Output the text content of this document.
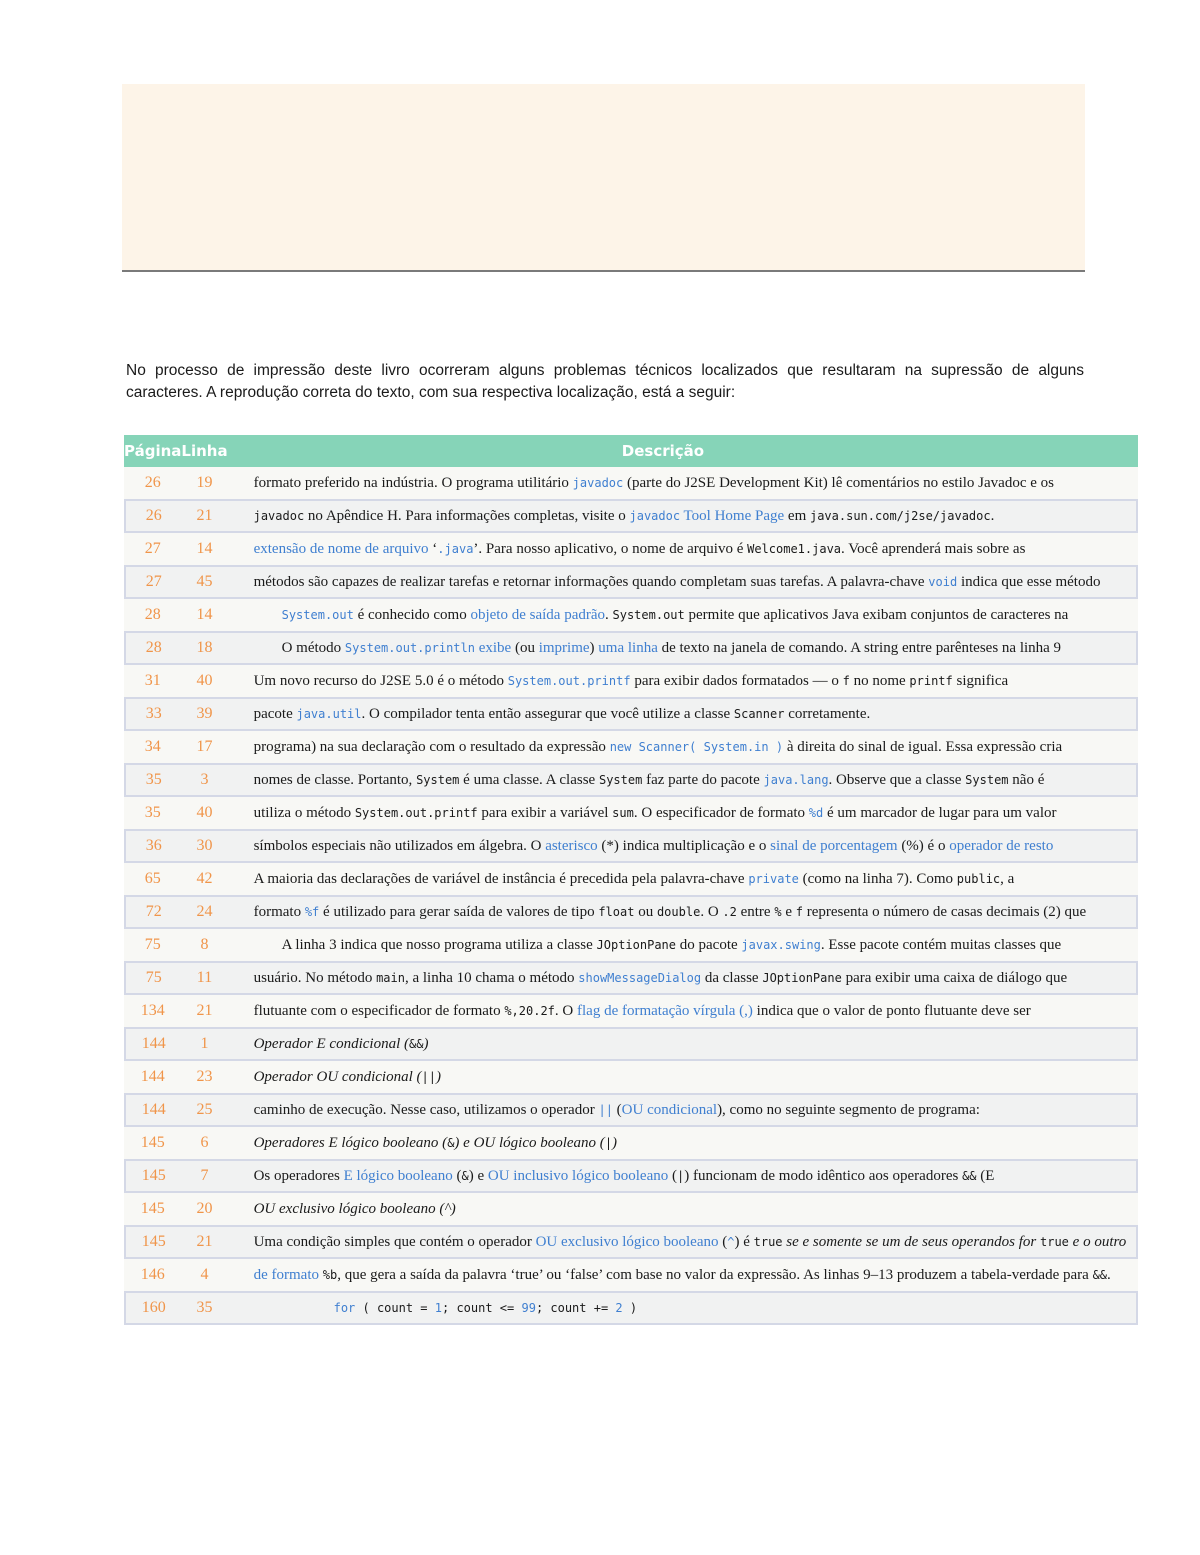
No processo de impressão deste livro ocorreram alguns problemas técnicos localizados que resultaram na supressão de alguns caracteres. A reprodução correta do texto, com sua respectiva localização, está a seguir:

Página	Linha	Descrição
26	19	formato preferido na indústria. O programa utilitário javadoc (parte do J2SE Development Kit) lê comentários no estilo Javadoc e os
26	21	javadoc no Apêndice H. Para informações completas, visite o javadoc Tool Home Page em java.sun.com/j2se/javadoc.
27	14	extensão de nome de arquivo ‘.java’. Para nosso aplicativo, o nome de arquivo é Welcome1.java. Você aprenderá mais sobre as
27	45	métodos são capazes de realizar tarefas e retornar informações quando completam suas tarefas. A palavra-chave void indica que esse método
28	14	System.out é conhecido como objeto de saída padrão. System.out permite que aplicativos Java exibam conjuntos de caracteres na
28	18	O método System.out.println exibe (ou imprime) uma linha de texto na janela de comando. A string entre parênteses na linha 9
31	40	Um novo recurso do J2SE 5.0 é o método System.out.printf para exibir dados formatados — o f no nome printf significa
33	39	pacote java.util. O compilador tenta então assegurar que você utilize a classe Scanner corretamente.
34	17	programa) na sua declaração com o resultado da expressão new Scanner( System.in ) à direita do sinal de igual. Essa expressão cria
35	3	nomes de classe. Portanto, System é uma classe. A classe System faz parte do pacote java.lang. Observe que a classe System não é
35	40	utiliza o método System.out.printf para exibir a variável sum. O especificador de formato %d é um marcador de lugar para um valor
36	30	símbolos especiais não utilizados em álgebra. O asterisco (*) indica multiplicação e o sinal de porcentagem (%) é o operador de resto
65	42	A maioria das declarações de variável de instância é precedida pela palavra-chave private (como na linha 7). Como public, a
72	24	formato %f é utilizado para gerar saída de valores de tipo float ou double. O .2 entre % e f representa o número de casas decimais (2) que
75	8	A linha 3 indica que nosso programa utiliza a classe JOptionPane do pacote javax.swing. Esse pacote contém muitas classes que
75	11	usuário. No método main, a linha 10 chama o método showMessageDialog da classe JOptionPane para exibir uma caixa de diálogo que
134	21	flutuante com o especificador de formato %,20.2f. O flag de formatação vírgula (,) indica que o valor de ponto flutuante deve ser
144	1	Operador E condicional (&&)
144	23	Operador OU condicional (||)
144	25	caminho de execução. Nesse caso, utilizamos o operador || (OU condicional), como no seguinte segmento de programa:
145	6	Operadores E lógico booleano (&) e OU lógico booleano (|)
145	7	Os operadores E lógico booleano (&) e OU inclusivo lógico booleano (|) funcionam de modo idêntico aos operadores && (E
145	20	OU exclusivo lógico booleano (^)
145	21	Uma condição simples que contém o operador OU exclusivo lógico booleano (^) é true se e somente se um de seus operandos for true e o outro
146	4	de formato %b, que gera a saída da palavra ‘true’ ou ‘false’ com base no valor da expressão. As linhas 9–13 produzem a tabela-verdade para &&.
160	35	for ( count = 1; count <= 99; count += 2 )
